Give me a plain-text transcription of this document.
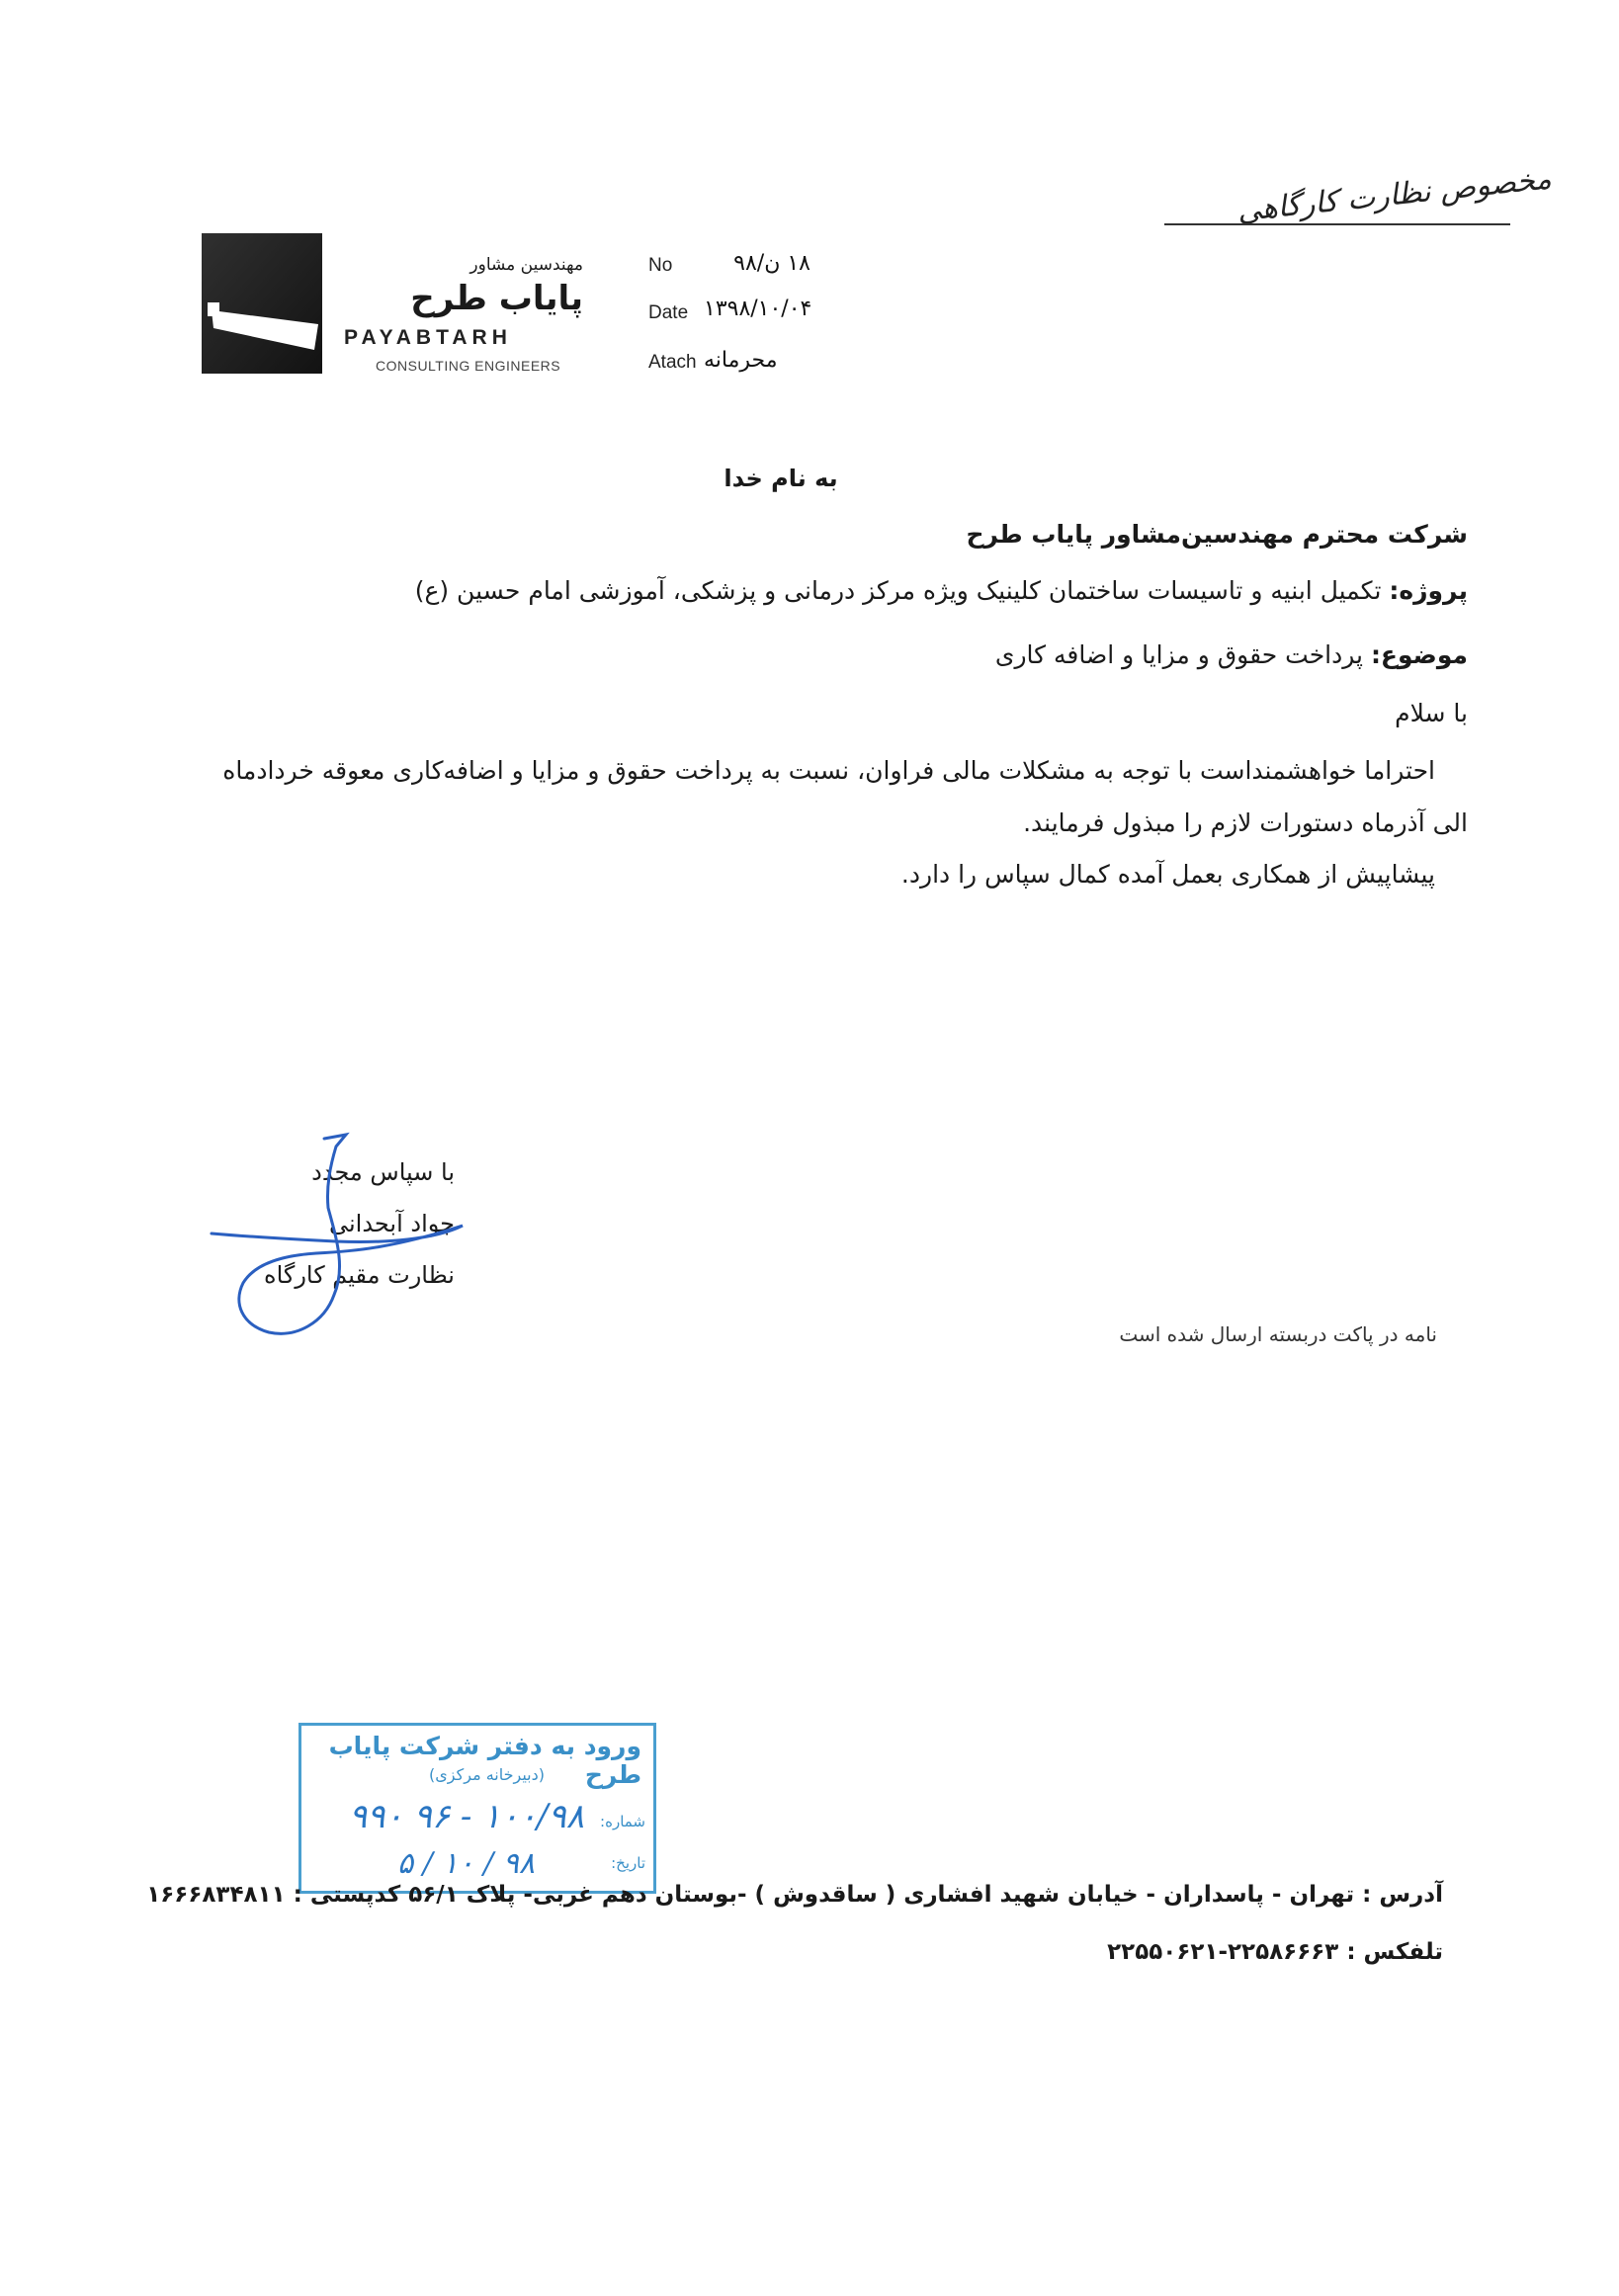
مخصوص نظارت کارگاهی
مهندسین مشاور
پایاب طرح
PAYABTARH
CONSULTING ENGINEERS
No	۱۸ ن/۹۸
Date ۱۳۹۸/۱۰/۰۴
Atach محرمانه
به نام خدا
شرکت محترم مهندسین‌مشاور پایاب طرح
پروژه: تکمیل ابنیه و تاسیسات ساختمان کلینیک ویژه مرکز درمانی و پزشکی، آموزشی امام حسین (ع)
موضوع: پرداخت حقوق و مزایا و اضافه کاری
با سلام
احتراما خواهشمنداست با توجه به مشکلات مالی فراوان، نسبت به پرداخت حقوق و مزایا و اضافه‌کاری معوقه خردادماه
الی آذرماه دستورات لازم را مبذول فرمایند.
پیشاپیش از همکاری بعمل آمده کمال سپاس را دارد.
با سپاس مجدد
جواد آبحدانی
نظارت مقیم کارگاه
نامه در پاکت دربسته ارسال شده است
ورود به دفتر شرکت پایاب طرح
(دبیرخانه مرکزی)
شماره:
۱۰۰/۹۸ - ۹۶ ۹۹۰
تاریخ:
۹۸ / ۱۰ / ۵
آدرس : تهران - پاسداران - خیابان شهید افشاری ( ساقدوش ) -بوستان دهم غربی- پلاک ۵۶/۱ کدپستی : ۱۶۶۶۸۳۴۸۱۱
تلفکس : ۲۲۵۸۶۶۶۳-۲۲۵۵۰۶۲۱
